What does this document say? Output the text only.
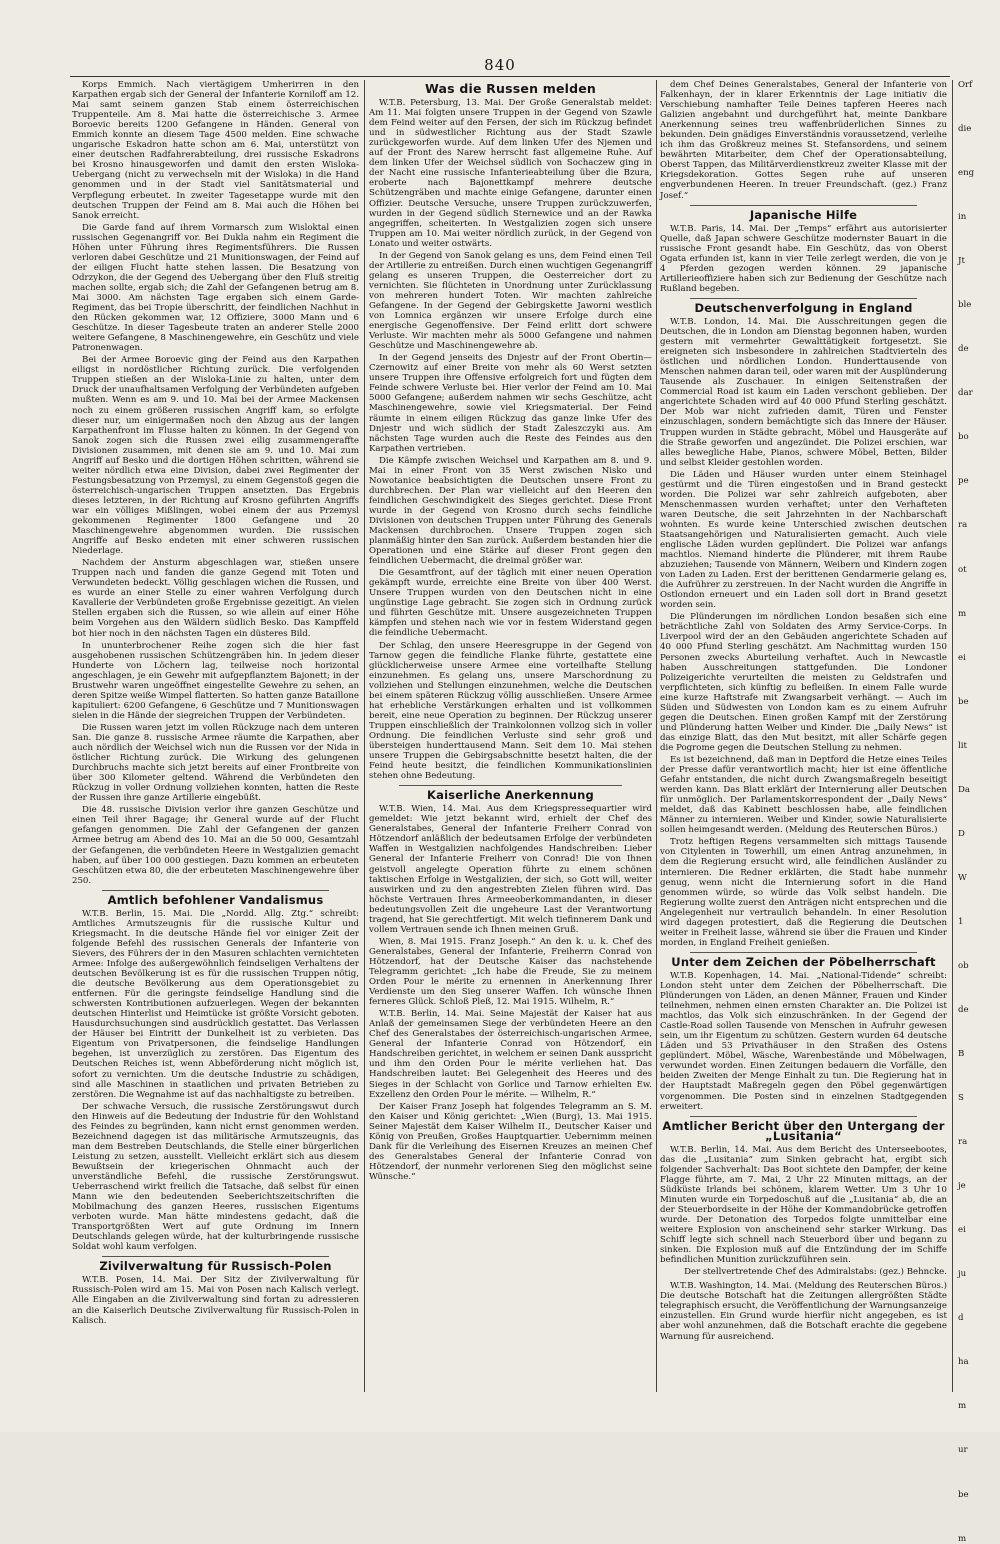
840

Korps Emmich. Nach viertägigem Umherirren in den Karpathen ergab sich der General der Infanterie Korniloff am 12. Mai samt seinem ganzen Stab einem österreichischen Truppenteile. Am 8. Mai hatte die österreichische 3. Armee Boroevic bereits 1200 Gefangene in Händen. General von Emmich konnte an diesem Tage 4500 melden. Eine schwache ungarische Eskadron hatte schon am 6. Mai, unterstützt von einer deutschen Radfahrerabteilung, drei russische Eskadrons bei Krosno hinausgeworfen und damit den ersten Wisloka-Uebergang (nicht zu verwechseln mit der Wisloka) in die Hand genommen und in der Stadt viel Sanitätsmaterial und Verpflegung erbeutet. In zweiter Tagesetappe wurde mit den deutschen Truppen der Feind am 8. Mai auch die Höhen bei Sanok erreicht.

Die Garde fand auf ihrem Vormarsch zum Wisloktal einen russischen Gegenangriff vor. Bei Dukla nahm ein Regiment die Höhen unter Führung ihres Regimentsführers. Die Russen verloren dabei Geschütze und 21 Munitionswagen, der Feind auf der eiligen Flucht hatte stehen lassen. Die Besatzung von Odrzykon, die der Gegend des Uebergang über den Fluß streitig machen sollte, ergab sich; die Zahl der Gefangenen betrug am 8. Mai 3000. Am nächsten Tage ergaben sich einem Garde-Regiment, das bei Tropie überschritt, der feindlichen Nachhut in den Rücken gekommen war, 12 Offiziere, 3000 Mann und 6 Geschütze. In dieser Tagesbeute traten an anderer Stelle 2000 weitere Gefangene, 8 Maschinengewehre, ein Geschütz und viele Patronenwagen.

Bei der Armee Boroevic ging der Feind aus den Karpathen eiligst in nordöstlicher Richtung zurück. Die verfolgenden Truppen stießen an der Wisloka-Linie zu halten, unter dem Druck der unaufhaltsamen Verfolgung der Verbündeten aufgeben mußten. Wenn es am 9. und 10. Mai bei der Armee Mackensen noch zu einem größeren russischen Angriff kam, so erfolgte dieser nur, um einigermaßen noch den Abzug aus der langen Karpathenfront im Flusse halten zu können. In der Gegend von Sanok zogen sich die Russen zwei eilig zusammengeraffte Divisionen zusammen, mit denen sie am 9. und 10. Mai zum Angriff auf Besko und die dortigen Höhen schritten, während sie weiter nördlich etwa eine Division, dabei zwei Regimenter der Festungsbesatzung von Przemysl, zu einem Gegenstoß gegen die österreichisch-ungarischen Truppen ansetzten. Das Ergebnis dieses letzteren, in der Richtung auf Krosno geführten Angriffs war ein völliges Mißlingen, wobei einem der aus Przemysl gekommenen Regimenter 1800 Gefangene und 20 Maschinengewehre abgenommen wurden. Die russischen Angriffe auf Besko endeten mit einer schweren russischen Niederlage.

Nachdem der Ansturm abgeschlagen war, stießen unsere Truppen nach und fanden die ganze Gegend mit Toten und Verwundeten bedeckt. Völlig geschlagen wichen die Russen, und es wurde an einer Stelle zu einer wahren Verfolgung durch Kavallerie der Verbündeten große Ergebnisse gezeitigt. An vielen Stellen ergaben sich die Russen, so wie allein auf einer Höhe beim Vorgehen aus den Wäldern südlich Besko. Das Kampffeld bot hier noch in den nächsten Tagen ein düsteres Bild.

In ununterbrochener Reihe zogen sich die hier fast ausgehobenen russischen Schützengräben hin. In jedem dieser Hunderte von Löchern lag, teilweise noch horizontal angeschlagen, je ein Gewehr mit aufgepflanztem Bajonett; in der Brustwehr waren ungeöffnet eingestellte Gewehre zu sehen, an deren Spitze weiße Wimpel flatterten. So hatten ganze Bataillone kapituliert: 6200 Gefangene, 6 Geschütze und 7 Munitionswagen sielen in die Hände der siegreichen Truppen der Verbündeten.

Die Russen waren jetzt im vollen Rückzuge nach dem unteren San. Die ganze 8. russische Armee räumte die Karpathen, aber auch nördlich der Weichsel wich nun die Russen vor der Nida in östlicher Richtung zurück. Die Wirkung des gelungenen Durchbruchs machte sich jetzt bereits auf einer Frontbreite von über 300 Kilometer geltend. Während die Verbündeten den Rückzug in voller Ordnung vollziehen konnten, hatten die Reste der Russen ihre ganze Artillerie eingebüßt.

Die 48. russische Division verlor ihre ganzen Geschütze und einen Teil ihrer Bagage; ihr General wurde auf der Flucht gefangen genommen. Die Zahl der Gefangenen der ganzen Armee betrug am Abend des 10. Mai an die 50 000, Gesamtzahl der Gefangenen, die verbündeten Heere in Westgalizien gemacht haben, auf über 100 000 gestiegen. Dazu kommen an erbeuteten Geschützen etwa 80, die der erbeuteten Maschinengewehre über 250.

Amtlich befohlener Vandalismus

W.T.B. Berlin, 15. Mai. Die „Nordd. Allg. Ztg.“ schreibt: Amtliches Armutszeugnis für die russische Kultur und Kriegsmacht. In die deutsche Hände fiel vor einiger Zeit der folgende Befehl des russischen Generals der Infanterie von Sievers, des Führers der in den Masuren schlachten vernichteten Armee: Infolge des außergewöhnlich feindseligen Verhaltens der deutschen Bevölkerung ist es für die russischen Truppen nötig, die deutsche Bevölkerung aus dem Operationsgebiet zu entfernen. Für die geringste feindselige Handlung sind die schwersten Kontributionen aufzuerlegen. Wegen der bekannten deutschen Hinterlist und Heimtücke ist größte Vorsicht geboten. Hausdurchsuchungen sind ausdrücklich gestattet. Das Verlassen der Häuser bei Eintritt der Dunkelheit ist zu verbieten. Das Eigentum von Privatpersonen, die feindselige Handlungen begehen, ist unverzüglich zu zerstören. Das Eigentum des Deutschen Reiches ist, wenn Abbeförderung nicht möglich ist, sofort zu vernichten. Um die deutsche Industrie zu schädigen, sind alle Maschinen in staatlichen und privaten Betrieben zu zerstören. Die Wegnahme ist auf das nachhaltigste zu betreiben.

Der schwache Versuch, die russische Zerstörungswut durch den Hinweis auf die Bedeutung der Industrie für den Wohlstand des Feindes zu begründen, kann nicht ernst genommen werden. Bezeichnend dagegen ist das militärische Armutszeugnis, das man dem Bestreben Deutschlands, die Stelle einer bürgerlichen Leistung zu setzen, ausstellt. Vielleicht erklärt sich aus diesem Bewußtsein der kriegerischen Ohnmacht auch der unverständliche Befehl, die russische Zerstörungswut. Ueberraschend wirkt freilich die Tatsache, daß selbst für einen Mann wie den bedeutenden Seeberichtszeitschriften die Mobilmachung des ganzen Heeres, russischen Eigentums verboten wurde. Man hätte mindestens gedacht, daß die Transportgrößten Wert auf gute Ordnung im Innern Deutschlands gelegen würde, hat der kulturbringende russische Soldat wohl kaum verfolgen.

Zivilverwaltung für Russisch-Polen

W.T.B. Posen, 14. Mai. Der Sitz der Zivilverwaltung für Russisch-Polen wird am 15. Mai von Posen nach Kalisch verlegt. Alle Eingaben an die Zivilverwaltung sind fortan zu adressieren an die Kaiserlich Deutsche Zivilverwaltung für Russisch-Polen in Kalisch.

Was die Russen melden

W.T.B. Petersburg, 13. Mai. Der Große Generalstab meldet: Am 11. Mai folgten unsere Truppen in der Gegend von Szawle dem Feind weiter auf den Fersen, der sich im Rückzug befindet und in südwestlicher Richtung aus der Stadt Szawle zurückgeworfen wurde. Auf dem linken Ufer des Njemen und auf der Front des Narew herrscht fast allgemeine Ruhe. Auf dem linken Ufer der Weichsel südlich von Sochaczew ging in der Nacht eine russische Infanterieabteilung über die Bzura, eroberte nach Bajonettkampf mehrere deutsche Schützengräben und machte einige Gefangene, darunter einen Offizier. Deutsche Versuche, unsere Truppen zurückzuwerfen, wurden in der Gegend südlich Sternewice und an der Rawka angegriffen, scheiterten. In Westgalizien zogen sich unsere Truppen am 10. Mai weiter nördlich zurück, in der Gegend von Lonato und weiter ostwärts.

In der Gegend von Sanok gelang es uns, dem Feind einen Teil der Artillerie zu entreißen. Durch einen wuchtigen Gegenangriff gelang es unseren Truppen, die Oesterreicher dort zu vernichten. Sie flüchteten in Unordnung unter Zurücklassung von mehreren hundert Toten. Wir machten zahlreiche Gefangene. In der Gegend der Gebirgskette Jaworni westlich von Lomnica ergänzen wir unsere Erfolge durch eine energische Gegenoffensive. Der Feind erlitt dort schwere Verluste. Wir machten mehr als 5000 Gefangene und nahmen Geschütze und Maschinengewehre ab.

In der Gegend jenseits des Dnjestr auf der Front Obertin—Czernowitz auf einer Breite von mehr als 60 Werst setzten unsere Truppen ihre Offensive erfolgreich fort und fügten dem Feinde schwere Verluste bei. Hier verlor der Feind am 10. Mai 5000 Gefangene; außerdem nahmen wir sechs Geschütze, acht Maschinengewehre, sowie viel Kriegsmaterial. Der Feind räumte in einem eiligen Rückzug das ganze linke Ufer des Dnjestr und wich südlich der Stadt Zaleszczyki aus. Am nächsten Tage wurden auch die Reste des Feindes aus den Karpathen vertrieben.

Die Kämpfe zwischen Weichsel und Karpathen am 8. und 9. Mai in einer Front von 35 Werst zwischen Nisko und Nowotanice beabsichtigten die Deutschen unsere Front zu durchbrechen. Der Plan war vielleicht auf den Heeren den feindlichen Geschwindigkeit des Sieges gerichtet. Diese Front wurde in der Gegend von Krosno durch sechs feindliche Divisionen von deutschen Truppen unter Führung des Generals Mackensen durchbrochen. Unsere Truppen zogen sich planmäßig hinter den San zurück. Außerdem bestanden hier die Operationen und eine Stärke auf dieser Front gegen den feindlichen Uebermacht, die dreimal größer war.

Die Gesamtfront, auf der täglich mit einer neuen Operation gekämpft wurde, erreichte eine Breite von über 400 Werst. Unsere Truppen wurden von den Deutschen nicht in eine ungünstige Lage gebracht. Sie zogen sich in Ordnung zurück und führten Geschütze mit. Unsere ausgezeichneten Truppen kämpfen und stehen nach wie vor in festem Widerstand gegen die feindliche Uebermacht.

Der Schlag, den unsere Heeresgruppe in der Gegend von Tarnow gegen die feindliche Flanke führte, gestattete eine glücklicherweise unsere Armee eine vorteilhafte Stellung einzunehmen. Es gelang uns, unsere Marschordnung zu vollziehen und Stellungen einzunehmen, welche die Deutschen bei einem späteren Rückzug völlig ausschließen. Unsere Armee hat erhebliche Verstärkungen erhalten und ist vollkommen bereit, eine neue Operation zu beginnen. Der Rückzug unserer Truppen einschließlich der Trainkolonnen vollzog sich in voller Ordnung. Die feindlichen Verluste sind sehr groß und übersteigen hunderttausend Mann. Seit dem 10. Mai stehen unsere Truppen die Gebirgsabschnitte besetzt halten, die der Feind heute besitzt, die feindlichen Kommunikationslinien stehen ohne Bedeutung.

Kaiserliche Anerkennung

W.T.B. Wien, 14. Mai. Aus dem Kriegspressequartier wird gemeldet: Wie jetzt bekannt wird, erhielt der Chef des Generalstabes, General der Infanterie Freiherr Conrad von Hötzendorf anläßlich der bedeutsamen Erfolge der verbündeten Waffen in Westgalizien nachfolgendes Handschreiben: Lieber General der Infanterie Freiherr von Conrad! Die von Ihnen geistvoll angelegte Operation führte zu einem schönen taktischen Erfolge in Westgalizien, der sich, so Gott will, weiter auswirken und zu den angestrebten Zielen führen wird. Das höchste Vertrauen Ihres Armeeoberkommandanten, in dieser bedeutungsvollen Zeit die ungeheure Last der Verantwortung tragend, hat Sie gerechtfertigt. Mit welch tiefinnerem Dank und vollem Vertrauen sende ich Ihnen meinen Gruß.

Wien, 8. Mai 1915. Franz Joseph.“ An den k. u. k. Chef des Generalstabes, General der Infanterie, Freiherrn Conrad von Hötzendorf, hat der Deutsche Kaiser das nachstehende Telegramm gerichtet: „Ich habe die Freude, Sie zu meinem Orden Pour le mérite zu ernennen in Anerkennung Ihrer Verdienste um den Sieg unserer Waffen. Ich wünsche Ihnen ferneres Glück. Schloß Pleß, 12. Mai 1915. Wilhelm, R.“

W.T.B. Berlin, 14. Mai. Seine Majestät der Kaiser hat aus Anlaß der gemeinsamen Siege der verbündeten Heere an den Chef des Generalstabes der österreichisch-ungarischen Armee, General der Infanterie Conrad von Hötzendorf, ein Handschreiben gerichtet, in welchem er seinen Dank ausspricht und ihm den Orden Pour le mérite verliehen hat. Das Handschreiben lautet: Bei Gelegenheit des Heeres und des Sieges in der Schlacht von Gorlice und Tarnow erhielten Ew. Exzellenz den Orden Pour le mérite. — Wilhelm, R.“

Der Kaiser Franz Joseph hat folgendes Telegramm an S. M. den Kaiser und König gerichtet: „Wien (Burg), 13. Mai 1915. Seiner Majestät dem Kaiser Wilhelm II., Deutscher Kaiser und König von Preußen, Großes Hauptquartier. Uebernimm meinen Dank für die Verleihung des Eisernen Kreuzes an meinen Chef des Generalstabes General der Infanterie Conrad von Hötzendorf, der nunmehr verlorenen Sieg den möglichst seine Wünsche.“

dem Chef Deines Generalstabes, General der Infanterie von Falkenhayn, der in klarer Erkenntnis der Lage initiativ die Verschiebung namhafter Teile Deines tapferen Heeres nach Galizien angebahnt und durchgeführt hat, meinte Dankbare Anerkennung seines treu waffenbrüderlichen Sinnes zu bekunden. Dein gnädiges Einverständnis voraussetzend, verleihe ich ihm das Großkreuz meines St. Stefansordens, und seinem bewährten Mitarbeiter, dem Chef der Operationsabteilung, Oberst Tappen, das Militärverdienstkreuz zweiter Klasse mit der Kriegsdekoration. Gottes Segen ruhe auf unseren engverbundenen Heeren. In treuer Freundschaft. (gez.) Franz Josef.“

Japanische Hilfe

W.T.B. Paris, 14. Mai. Der „Temps“ erfährt aus autorisierter Quelle, daß Japan schwere Geschütze modernster Bauart in die russische Front gesandt habe. Ein Geschütz, das von Oberst Ogata erfunden ist, kann in vier Teile zerlegt werden, die von je 4 Pferden gezogen werden können. 29 japanische Artillerieoffiziere haben sich zur Bedienung der Geschütze nach Rußland begeben.

Deutschenverfolgung in England

W.T.B. London, 14. Mai. Die Ausschreitungen gegen die Deutschen, die in London am Dienstag begonnen haben, wurden gestern mit vermehrter Gewalttätigkeit fortgesetzt. Sie ereigneten sich insbesondere in zahlreichen Stadtvierteln des östlichen und nördlichen London. Hunderttausende von Menschen nahmen daran teil, oder waren mit der Ausplünderung Tausende als Zuschauer. In einigen Seitenstraßen der Commercial Road ist kaum ein Laden verschont geblieben. Der angerichtete Schaden wird auf 40 000 Pfund Sterling geschätzt. Der Mob war nicht zufrieden damit, Türen und Fenster einzuschlagen, sondern bemächtigte sich das Innere der Häuser. Truppen wurden in Städte gebracht, Möbel und Hausgeräte auf die Straße geworfen und angezündet. Die Polizei erschien, war alles bewegliche Habe, Pianos, schwere Möbel, Betten, Bilder und selbst Kleider gestohlen worden.

Die Läden und Häuser wurden unter einem Steinhagel gestürmt und die Türen eingestoßen und in Brand gesteckt worden. Die Polizei war sehr zahlreich aufgeboten, aber Menschenmassen wurden verhaftet; unter den Verhafteten waren Deutsche, die seit Jahrzehnten in der Nachbarschaft wohnten. Es wurde keine Unterschied zwischen deutschen Staatsangehörigen und Naturalisierten gemacht. Auch viele englische Läden wurden geplündert. Die Polizei war anfangs machtlos. Niemand hinderte die Plünderer, mit ihrem Raube abzuziehen; Tausende von Männern, Weibern und Kindern zogen von Laden zu Laden. Erst der berittenen Gendarmerie gelang es, die Aufrührer zu zerstreuen. In der Nacht wurden die Angriffe in Ostlondon erneuert und ein Laden soll dort in Brand gesetzt worden sein.

Die Plünderungen im nördlichen London besaßen sich eine beträchtliche Zahl von Soldaten des Army Service-Corps. In Liverpool wird der an den Gebäuden angerichtete Schaden auf 40 000 Pfund Sterling geschätzt. Am Nachmittag wurden 150 Personen zwecks Aburteilung verhaftet. Auch in Newcastle haben Ausschreitungen stattgefunden. Die Londoner Polizeigerichte verurteilten die meisten zu Geldstrafen und verpflichteten, sich künftig zu befleißen. In einem Falle wurde eine kurze Haftstrafe mit Zwangsarbeit verhängt. — Auch im Süden und Südwesten von London kam es zu einem Aufruhr gegen die Deutschen. Einen großen Kampf mit der Zerstörung und Plünderung hatten Weiber und Kinder. Die „Daily News“ ist das einzige Blatt, das den Mut besitzt, mit aller Schärfe gegen die Pogrome gegen die Deutschen Stellung zu nehmen.

Es ist bezeichnend, daß man in Deptford die Hetze eines Teiles der Presse dafür verantwortlich macht; hier ist eine öffentliche Gefahr entstanden, die nicht durch Zwangsmaßregeln beseitigt werden kann. Das Blatt erklärt der Internierung aller Deutschen für unmöglich. Der Parlamentskorrespondent der „Daily News“ meldet, daß das Kabinett beschlossen habe, alle feindlichen Männer zu internieren. Weiber und Kinder, sowie Naturalisierte sollen heimgesandt werden. (Meldung des Reuterschen Büros.)

Trotz heftigen Regens versammelten sich mittags Tausende von Citylenten in Towerhill, um einen Antrag anzunehmen, in dem die Regierung ersucht wird, alle feindlichen Ausländer zu internieren. Die Redner erklärten, die Stadt habe nunmehr genug, wenn nicht die Internierung sofort in die Hand genommen würde, so würde das Volk selbst handeln. Die Regierung wollte zuerst den Anträgen nicht entsprechen und die Angelegenheit nur vertraulich behandeln. In einer Resolution wird dagegen protestiert, daß die Regierung die Deutschen weiter in Freiheit lasse, während sie über die Frauen und Kinder morden, in England Freiheit genießen.

Unter dem Zeichen der Pöbelherrschaft

W.T.B. Kopenhagen, 14. Mai. „National-Tidende“ schreibt: London steht unter dem Zeichen der Pöbelherrschaft. Die Plünderungen von Läden, an denen Männer, Frauen und Kinder teilnehmen, nehmen einen ernsten Charakter an. Die Polizei ist machtlos, das Volk sich einzuschränken. In der Gegend der Castle-Road sollen Tausende von Menschen in Aufruhr gewesen sein, um ihr Eigentum zu schützen. Gestern wurden 64 deutsche Läden und 53 Privathäuser in den Straßen des Ostens geplündert. Möbel, Wäsche, Warenbestände und Möbelwagen, verwundet worden. Einen Zeitungen bedauern die Vorfälle, den beiden Zweiten der Menge Einhalt zu tun. Die Regierung hat in der Hauptstadt Maßregeln gegen den Pöbel gegenwärtigen vorgenommen. Die Posten sind in einzelnen Stadtgegenden erweitert.

Amtlicher Bericht über den Untergang der „Lusitania“

W.T.B. Berlin, 14. Mai. Aus dem Bericht des Unterseebootes, das die „Lusitania“ zum Sinken gebracht hat, ergibt sich folgender Sachverhalt: Das Boot sichtete den Dampfer, der keine Flagge führte, am 7. Mai, 2 Uhr 22 Minuten mittags, an der Südküste Irlands bei schönem, klarem Wetter. Um 3 Uhr 10 Minuten wurde ein Torpedoschuß auf die „Lusitania“ ab, die an der Steuerbordseite in der Höhe der Kommandobrücke getroffen wurde. Der Detonation des Torpedos folgte unmittelbar eine weitere Explosion von anscheinend sehr starker Wirkung. Das Schiff legte sich schnell nach Steuerbord über und begann zu sinken. Die Explosion muß auf die Entzündung der im Schiffe befindlichen Munition zurückzuführen sein.

Der stellvertretende Chef des Admiralstabs: (gez.) Behncke.

W.T.B. Washington, 14. Mai. (Meldung des Reuterschen Büros.) Die deutsche Botschaft hat die Zeitungen allergrößten Städte telegraphisch ersucht, die Veröffentlichung der Warnungsanzeige einzustellen. Ein Grund wurde hierfür nicht angegeben, es ist aber wohl anzunehmen, daß die Botschaft erachte die gegebene Warnung für ausreichend.

Orf
die
eng
in
Jt
ble
de
dar
bo
pe
ra
ot
m
ei
be
lit
Da
D
W
1
ob
de
B
S
ra
je
ei
ju
d
ha
m
ur
be
m
